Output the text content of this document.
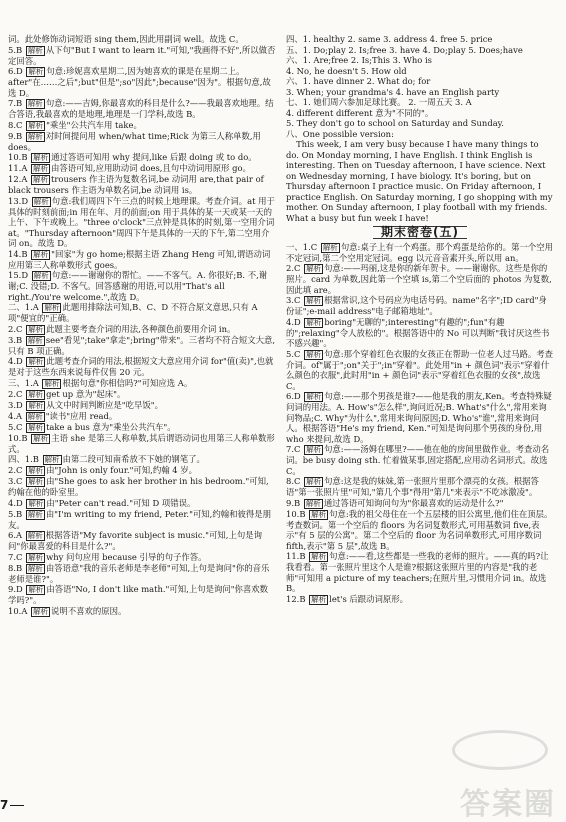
词。此处修饰动词短语 sing them,因此用副词 well。故选 C。

5.B 解析 从下句"But I want to learn it."可知,"我画得不好",所以做否定回答。

6.D 解析 句意:珍妮喜欢星期二,因为她喜欢的课是在星期二上。after"在……之后";but"但是";so"因此";because"因为"。根据句意,故选 D。

7.B 解析 句意:——吉姆,你最喜欢的科目是什么?——我最喜欢地理。结合答语,我最喜欢的是地理,地理是一门学科,故选 B。

8.C 解析 "乘坐"公共汽车用 take。

9.B 解析 对时间提问用 when/what time;Rick 为第三人称单数,用 does。

10.B 解析 通过答语可知用 why 提问,like 后跟 doing 或 to do。

11.A 解析 由答语可知,应用助动词 does,且句中动词用原形 go。

12.A 解析 trousers 作主语为复数名词,be 动词用 are,that pair of black trousers 作主语为单数名词,be 动词用 is。

13.D 解析 句意:我们周四下午三点的时候上地理课。考查介词。at 用于具体的时刻前面;in 用在年、月的前面;on 用于具体的某一天或某一天的上午、下午或晚上。"three o'clock"三点钟是具体的时刻,第一空用介词 at。"Thursday afternoon"周四下午是具体的一天的下午,第二空用介词 on。故选 D。

14.B 解析 "回家"为 go home;根据主语 Zhang Heng 可知,谓语动词应用第三人称单数形式 goes。

15.D 解析 句意:——谢谢你的帮忙。——不客气。A. 你很好;B. 不,谢谢;C. 没错;D. 不客气。回答感谢的用语,可以用"That's all right./You're welcome.",故选 D。

二、1.A 解析 此题用排除法可知,B、C、D 不符合原文意思,只有 A 项"便宜的"正确。

2.C 解析 此题主要考查介词的用法,各种颜色前要用介词 in。

3.B 解析 see"看见";take"拿走";bring"带来"。三者均不符合短文大意,只有 B 项正确。

4.D 解析 此题考查介词的用法,根据短文大意应用介词 for"值(卖)",也就是对于这些东西来说每件仅售 20 元。

三、1.A 解析 根据句意"你相信吗?"可知应选 A。

2.C 解析 get up 意为"起床"。

3.D 解析 从文中时间判断应是"吃早饭"。

4.A 解析 "读书"应用 read。

5.C 解析 take a bus 意为"乘坐公共汽车"。

10.B 解析 主语 she 是第三人称单数,其后谓语动词也用第三人称单数形式。

四、1.B 解析 由第二段可知南希放不下她的钢笔了。

2.C 解析 由"John is only four."可知,约翰 4 岁。

3.C 解析 由"She goes to ask her brother in his bedroom."可知,约翰在他的卧室里。

4.D 解析 由"Peter can't read."可知 D 项错误。

5.B 解析 由"I'm writing to my friend, Peter."可知,约翰和彼得是朋友。

6.A 解析 根据答语"My favorite subject is music."可知,上句是询问"你最喜爱的科目是什么?"。

7.C 解析 why 问句应用 because 引导的句子作答。

8.B 解析 由答语意"我的音乐老师是李老师"可知,上句是询问"你的音乐老师是谁?"。

9.D 解析 由答语"No, I don't like math."可知,上句是询问"你喜欢数学吗?"。

10.A 解析 说明不喜欢的原因。

四、1. healthy 2. same 3. address 4. free 5. price

五、1. Do;play 2. Is;free 3. have 4. Do;play 5. Does;have

六、1. Are;free 2. Is;This 3. Who is

4. No, he doesn't 5. How old

六、1. have dinner 2. What do; for

3. When; your grandma's 4. have an English party

七、1. 她们周六参加足球比赛。 2. 一周五天 3. A

4. different different 意为"不同的"。

5. They don't go to school on Saturday and Sunday.

八、One possible version:

This week, I am very busy because I have many things to do. On Monday morning, I have English. I think English is interesting. Then on Tuesday afternoon, I have science. Next on Wednesday morning, I have biology. It's boring, but on Thursday afternoon I practice music. On Friday afternoon, I practice English. On Saturday morning, I go shopping with my mother. On Sunday afternoon, I play football with my friends. What a busy but fun week I have!

期末密卷(五)

一、1.C 解析 句意:桌子上有一个鸡蛋。那个鸡蛋是给你的。第一个空用不定冠词,第二个空用定冠词。egg 以元音音素开头,所以用 an。

2.C 解析 句意:——玛丽,这是你的新年贺卡。——谢谢你。这些是你的照片。card 为单数,因此第一个空填 is,第二个空后面的 photos 为复数,因此填 are。

3.C 解析 根据常识,这个号码应为电话号码。name"名字";ID card"身份证";e-mail address"电子邮箱地址"。

4.D 解析 boring"无聊的";interesting"有趣的";fun"有趣的";relaxing"令人放松的"。根据答语中的 No 可以判断"我讨厌这些书不感兴趣"。

5.C 解析 句意:那个穿着红色衣服的女孩正在帮助一位老人过马路。考查介词。of"属于";on"关于";in"穿着"。此处用"in + 颜色词"表示"穿着什么颜色的衣服",此时用"in + 颜色词"表示"穿着红色衣服的女孩",故选 C。

6.D 解析 句意:——那个男孩是谁?——他是我的朋友,Ken。考查特殊疑问词的用法。A. How's"怎么样",询问近况;B. What's"什么",常用来询问物品;C. Why"为什么",常用来询问原因;D. Who's"谁",常用来询问人。根据答语"He's my friend, Ken."可知是询问那个男孩的身份,用 who 来提问,故选 D。

7.C 解析 句意:——汤姆在哪里?——他在他的房间里做作业。考查动名词。be busy doing sth. 忙着做某事,固定搭配,应用动名词形式。故选 C。

8.C 解析 句意:这是我的妹妹,第一张照片里那个漂亮的女孩。根据答语"第一张照片里"可知,"第几个事"得用"第几"来表示"不吃冰激凌"。

9.B 解析 通过答语可知询问句为"你最喜欢的运动是什么?"

10.B 解析 句意:我的祖父母住在一个五层楼的旧公寓里,他们住在顶层。考查数词。第一个空后的 floors 为名词复数形式,可用基数词 five,表示"有 5 层的公寓"。第二个空后的 floor 为名词单数形式,可用序数词 fifth,表示"第 5 层",故选 B。

11.B 解析 句意:——看,这些都是一些我的老师的照片。——真的吗?让我看看。第一张照片里这个人是谁?根据这张照片里的内容是"我的老师"可知用 a picture of my teachers;在照片里,习惯用介词 in。故选 B。

12.B 解析 let's 后跟动词原形。

7	答案圈
